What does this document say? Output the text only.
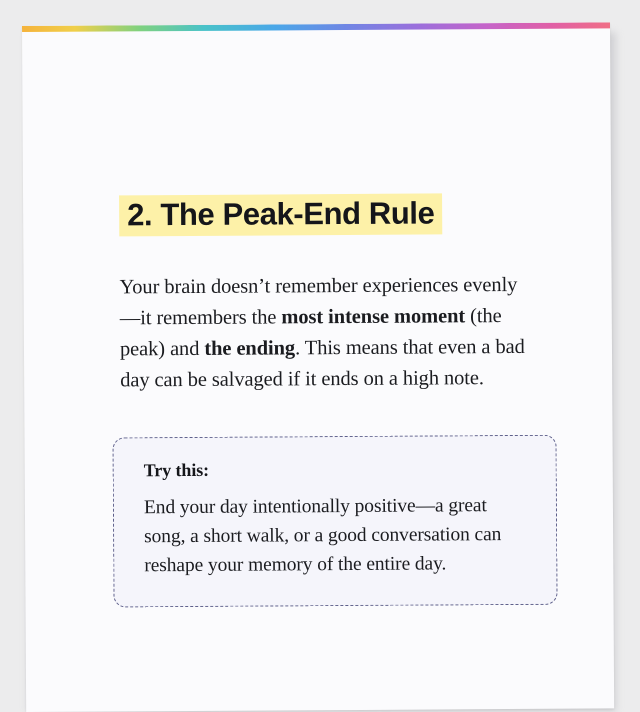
2. The Peak-End Rule

Your brain doesn’t remember experiences evenly—it remembers the most intense moment (the peak) and the ending. This means that even a bad day can be salvaged if it ends on a high note.

Try this:
End your day intentionally positive—a great song, a short walk, or a good conversation can reshape your memory of the entire day.
